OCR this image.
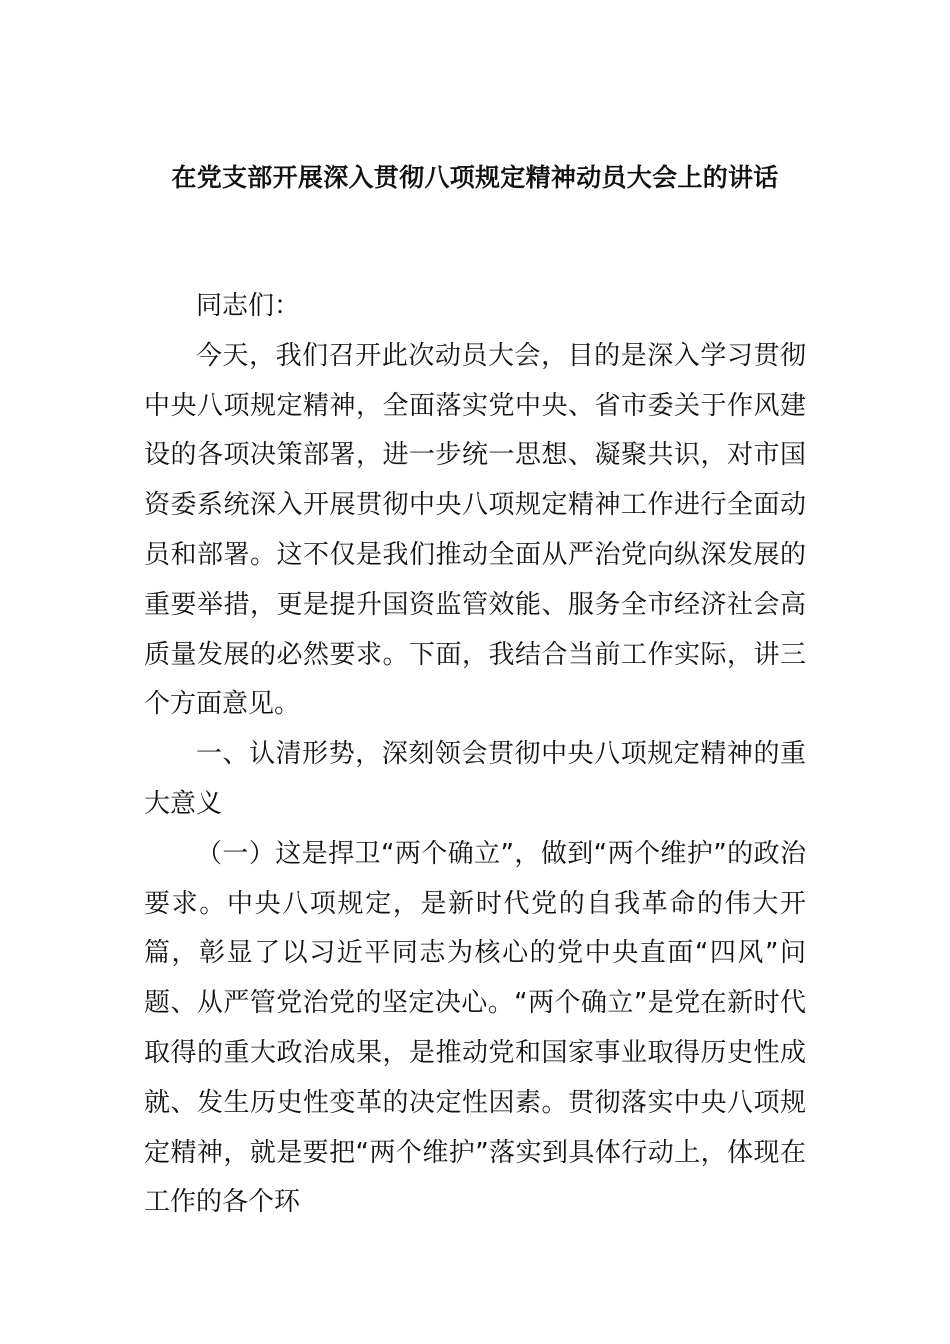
在党支部开展深入贯彻八项规定精神动员大会上的讲话

同志们：

今天，我们召开此次动员大会，目的是深入学习贯彻中央八项规定精神，全面落实党中央、省市委关于作风建设的各项决策部署，进一步统一思想、凝聚共识，对市国资委系统深入开展贯彻中央八项规定精神工作进行全面动员和部署。这不仅是我们推动全面从严治党向纵深发展的重要举措，更是提升国资监管效能、服务全市经济社会高质量发展的必然要求。下面，我结合当前工作实际，讲三个方面意见。

一、认清形势，深刻领会贯彻中央八项规定精神的重大意义

（一）这是捍卫“两个确立”，做到“两个维护”的政治要求。中央八项规定，是新时代党的自我革命的伟大开篇，彰显了以习近平同志为核心的党中央直面“四风”问题、从严管党治党的坚定决心。“两个确立”是党在新时代取得的重大政治成果，是推动党和国家事业取得历史性成就、发生历史性变革的决定性因素。贯彻落实中央八项规定精神，就是要把“两个维护”落实到具体行动上，体现在工作的各个环
